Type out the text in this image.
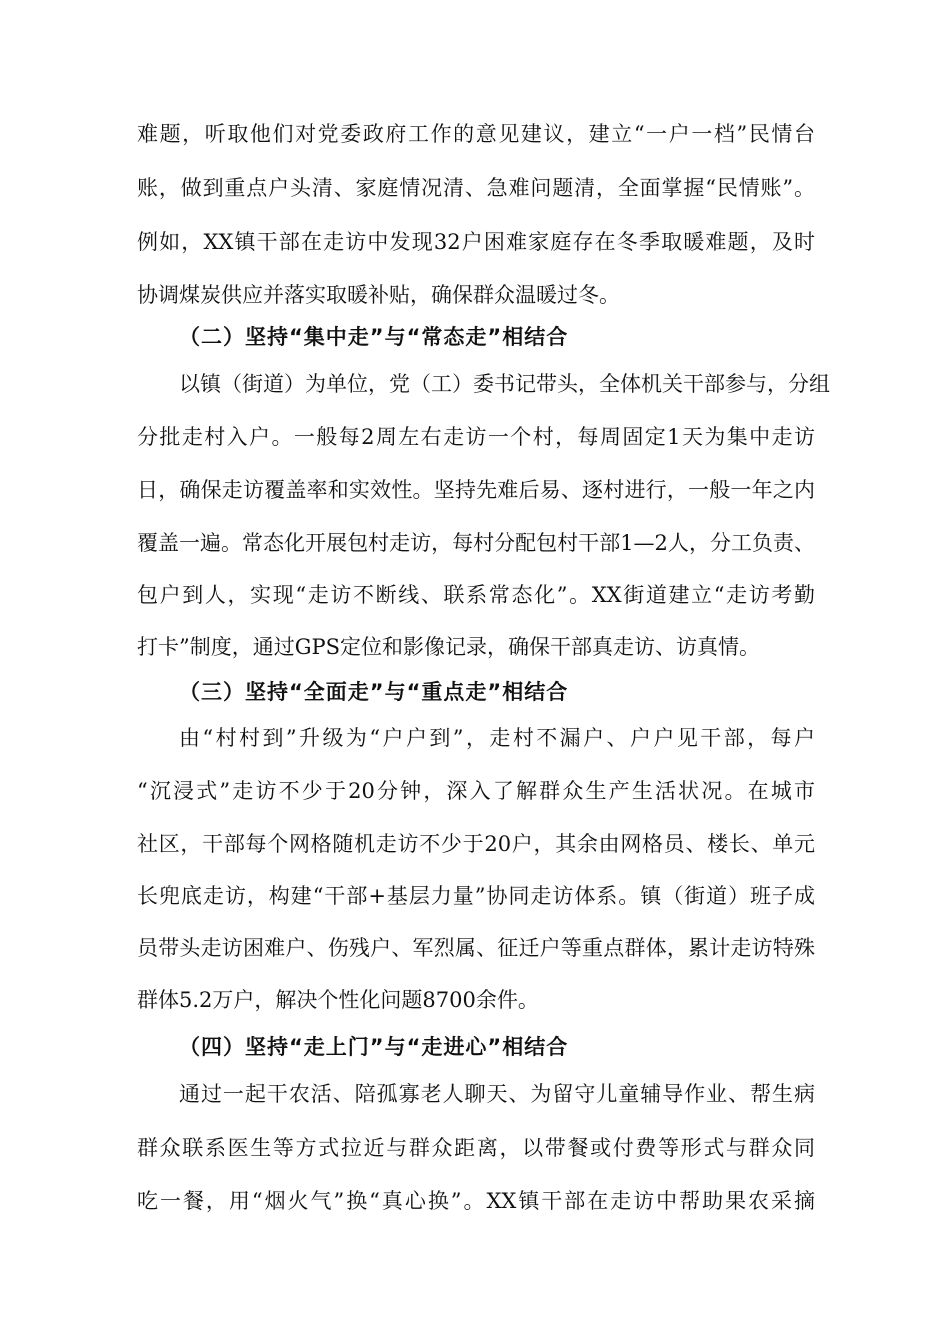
难题，听取他们对党委政府工作的意见建议，建立“一户一档”民情台
账，做到重点户头清、家庭情况清、急难问题清，全面掌握“民情账”。
例如，XX镇干部在走访中发现32户困难家庭存在冬季取暖难题，及时
协调煤炭供应并落实取暖补贴，确保群众温暖过冬。
（二）坚持“集中走”与“常态走”相结合
以镇（街道）为单位，党（工）委书记带头，全体机关干部参与，分组
分批走村入户。一般每2周左右走访一个村，每周固定1天为集中走访
日，确保走访覆盖率和实效性。坚持先难后易、逐村进行，一般一年之内
覆盖一遍。常态化开展包村走访，每村分配包村干部1—2人，分工负责、
包户到人，实现“走访不断线、联系常态化”。XX街道建立“走访考勤
打卡”制度，通过GPS定位和影像记录，确保干部真走访、访真情。
（三）坚持“全面走”与“重点走”相结合
由“村村到”升级为“户户到”，走村不漏户、户户见干部，每户
“沉浸式”走访不少于20分钟，深入了解群众生产生活状况。在城市
社区，干部每个网格随机走访不少于20户，其余由网格员、楼长、单元
长兜底走访，构建“干部+基层力量”协同走访体系。镇（街道）班子成
员带头走访困难户、伤残户、军烈属、征迁户等重点群体，累计走访特殊
群体5.2万户，解决个性化问题8700余件。
（四）坚持“走上门”与“走进心”相结合
通过一起干农活、陪孤寡老人聊天、为留守儿童辅导作业、帮生病
群众联系医生等方式拉近与群众距离，以带餐或付费等形式与群众同
吃一餐，用“烟火气”换“真心换”。XX镇干部在走访中帮助果农采摘
